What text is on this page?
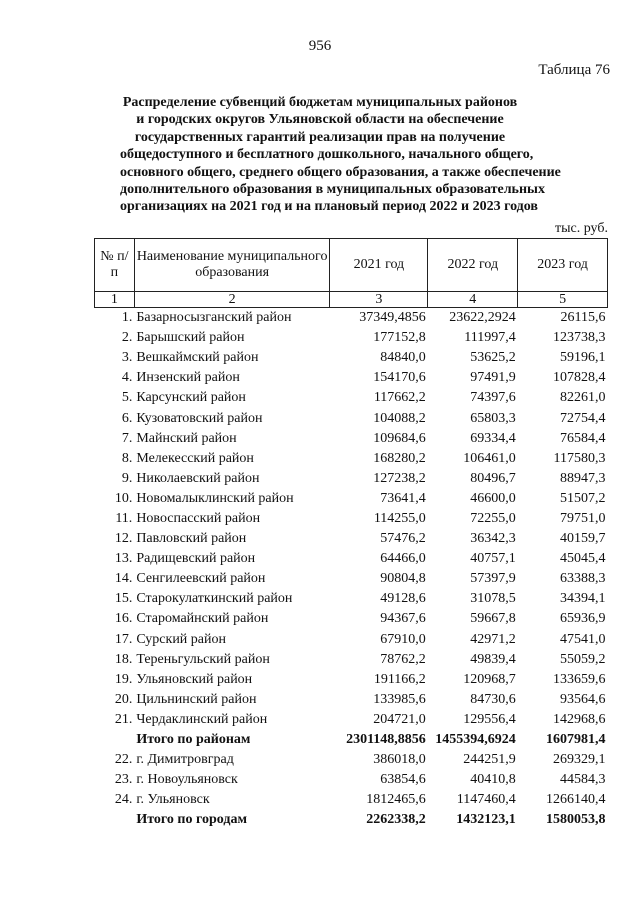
956
Таблица 76
Распределение субвенций бюджетам муниципальных районов
и городских округов Ульяновской области на обеспечение
государственных гарантий реализации прав на получение
общедоступного и бесплатного дошкольного, начального общего,
основного общего, среднего общего образования, а также обеспечение
дополнительного образования в муниципальных образовательных
организациях на 2021 год и на плановый период 2022 и 2023 годов
тыс. руб.
№ п/п	Наименование муниципального образования	2021 год	2022 год	2023 год
1	2	3	4	5
1.	Базарносызганский район	37349,4856	23622,2924	26115,6
2.	Барышский район	177152,8	111997,4	123738,3
3.	Вешкаймский район	84840,0	53625,2	59196,1
4.	Инзенский район	154170,6	97491,9	107828,4
5.	Карсунский район	117662,2	74397,6	82261,0
6.	Кузоватовский район	104088,2	65803,3	72754,4
7.	Майнский район	109684,6	69334,4	76584,4
8.	Мелекесский район	168280,2	106461,0	117580,3
9.	Николаевский район	127238,2	80496,7	88947,3
10.	Новомалыклинский район	73641,4	46600,0	51507,2
11.	Новоспасский район	114255,0	72255,0	79751,0
12.	Павловский район	57476,2	36342,3	40159,7
13.	Радищевский район	64466,0	40757,1	45045,4
14.	Сенгилеевский район	90804,8	57397,9	63388,3
15.	Старокулаткинский район	49128,6	31078,5	34394,1
16.	Старомайнский район	94367,6	59667,8	65936,9
17.	Сурский район	67910,0	42971,2	47541,0
18.	Тереньгульский район	78762,2	49839,4	55059,2
19.	Ульяновский район	191166,2	120968,7	133659,6
20.	Цильнинский район	133985,6	84730,6	93564,6
21.	Чердаклинский район	204721,0	129556,4	142968,6
	Итого по районам	2301148,8856	1455394,6924	1607981,4
22.	г. Димитровград	386018,0	244251,9	269329,1
23.	г. Новоульяновск	63854,6	40410,8	44584,3
24.	г. Ульяновск	1812465,6	1147460,4	1266140,4
	Итого по городам	2262338,2	1432123,1	1580053,8
